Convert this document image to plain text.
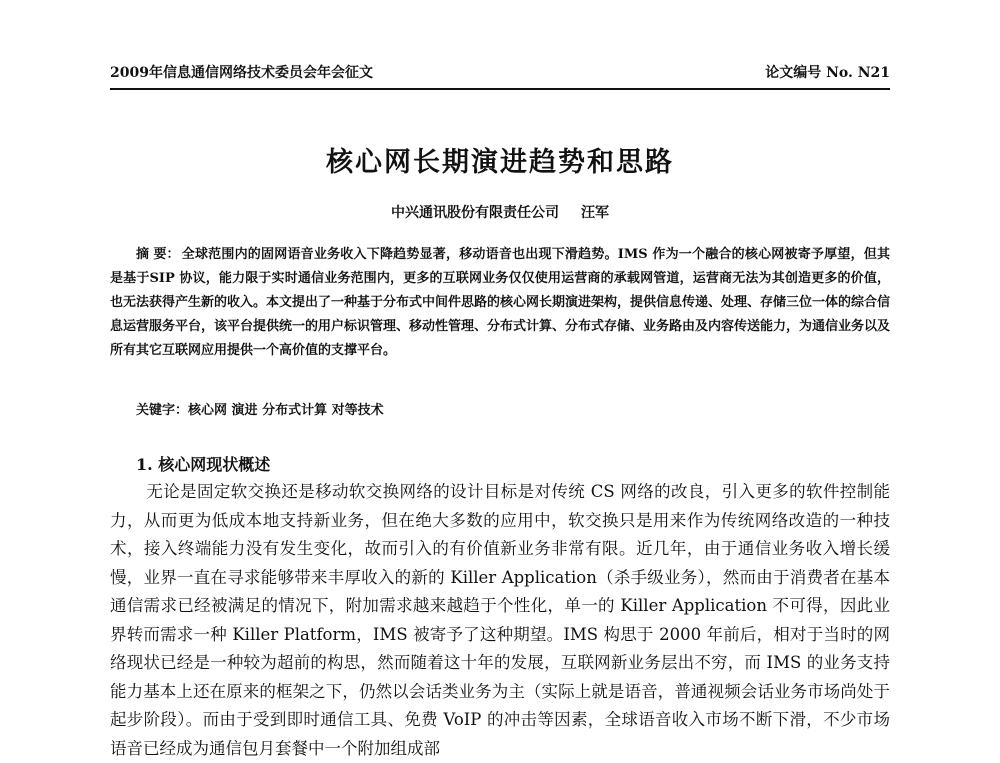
2009年信息通信网络技术委员会年会征文	论文编号 No. N21
核心网长期演进趋势和思路
中兴通讯股份有限责任公司 汪军
摘 要： 全球范围内的固网语音业务收入下降趋势显著，移动语音也出现下滑趋势。IMS 作为一个融合的核心网被寄予厚望，但其是基于SIP 协议，能力限于实时通信业务范围内，更多的互联网业务仅仅使用运营商的承载网管道，运营商无法为其创造更多的价值，也无法获得产生新的收入。本文提出了一种基于分布式中间件思路的核心网长期演进架构，提供信息传递、处理、存储三位一体的综合信息运营服务平台，该平台提供统一的用户标识管理、移动性管理、分布式计算、分布式存储、业务路由及内容传送能力，为通信业务以及所有其它互联网应用提供一个高价值的支撑平台。
关键字：核心网 演进 分布式计算 对等技术
1. 核心网现状概述
无论是固定软交换还是移动软交换网络的设计目标是对传统 CS 网络的改良，引入更多的软件控制能力，从而更为低成本地支持新业务，但在绝大多数的应用中，软交换只是用来作为传统网络改造的一种技术，接入终端能力没有发生变化，故而引入的有价值新业务非常有限。近几年，由于通信业务收入增长缓慢，业界一直在寻求能够带来丰厚收入的新的 Killer Application（杀手级业务），然而由于消费者在基本通信需求已经被满足的情况下，附加需求越来越趋于个性化，单一的 Killer Application 不可得，因此业界转而需求一种 Killer Platform，IMS 被寄予了这种期望。IMS 构思于 2000 年前后，相对于当时的网络现状已经是一种较为超前的构思，然而随着这十年的发展，互联网新业务层出不穷，而 IMS 的业务支持能力基本上还在原来的框架之下，仍然以会话类业务为主（实际上就是语音，普通视频会话业务市场尚处于起步阶段）。而由于受到即时通信工具、免费 VoIP 的冲击等因素，全球语音收入市场不断下滑，不少市场语音已经成为通信包月套餐中一个附加组成部
